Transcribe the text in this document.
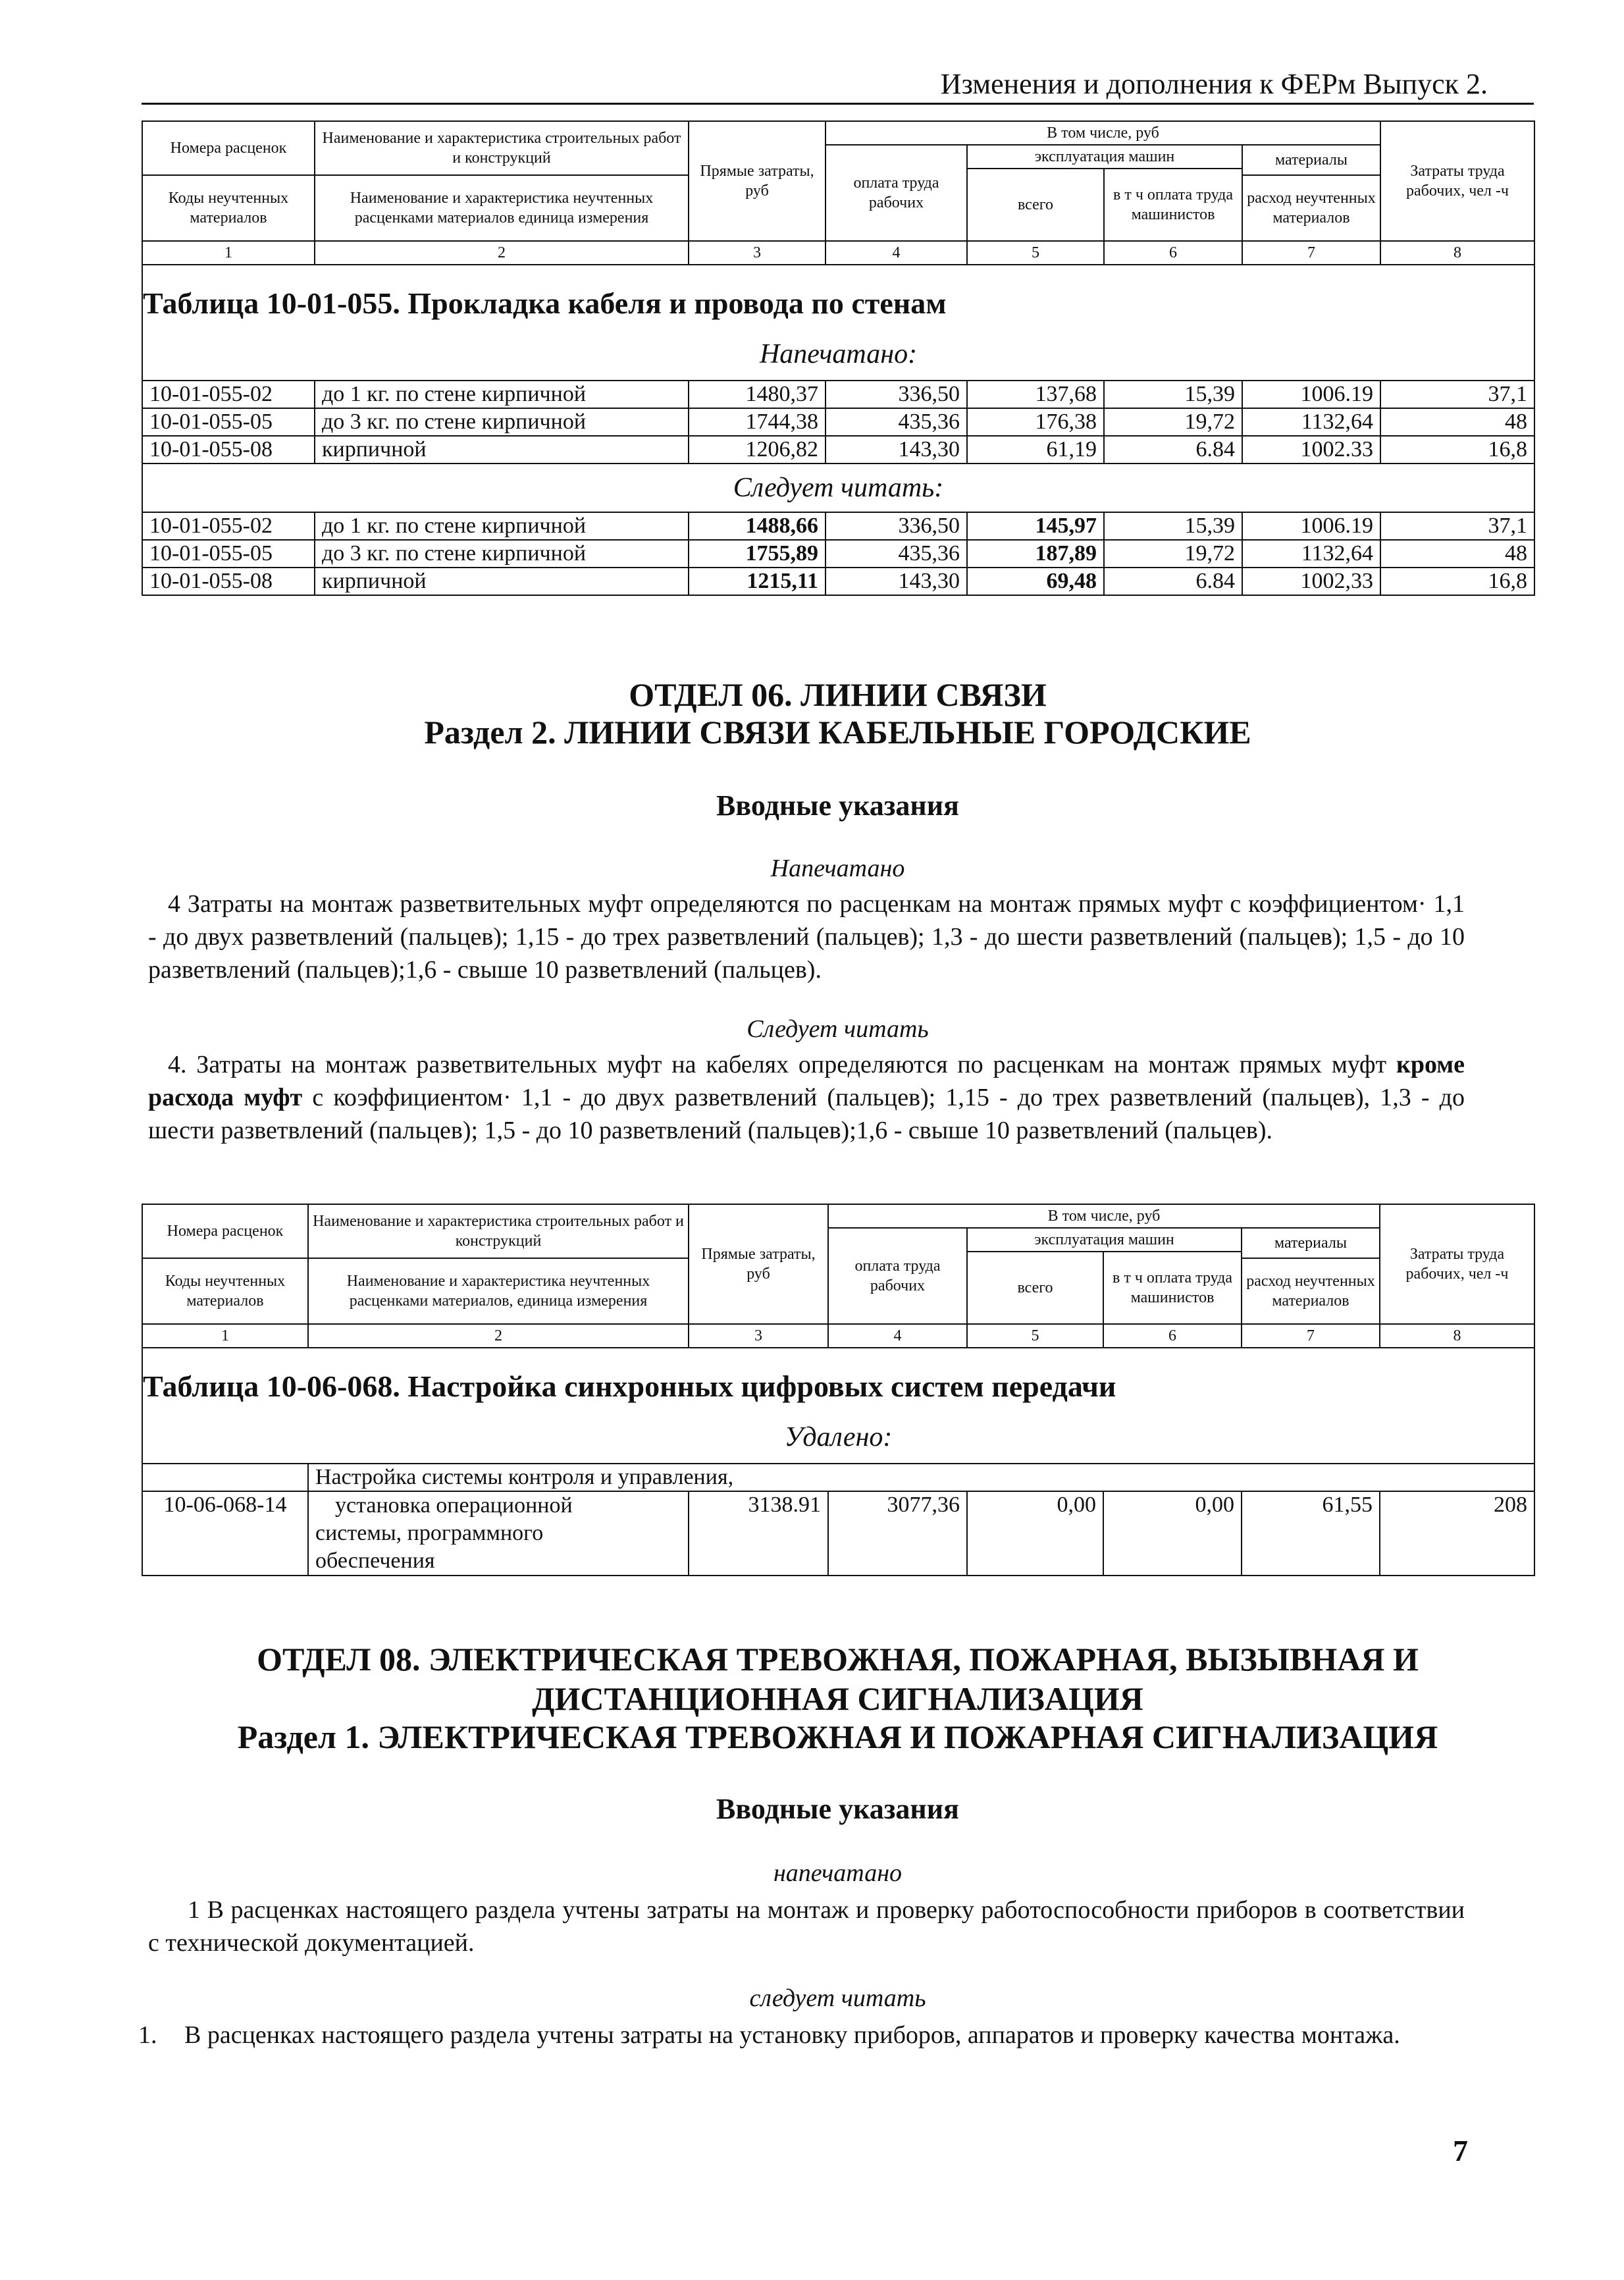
Изменения и дополнения к ФЕРм Выпуск 2.
Номера расценок	Наименование и характеристика строительных работ и конструкций	Прямые затраты, руб	В том числе, руб				Затраты труда рабочих, чел -ч
			оплата труда рабочих	эксплуатация машин		материалы	
				всего	в т ч оплата труда машинистов		
Коды неучтенных материалов	Наименование и характеристика неучтенных расценками материалов единица измерения					расход неучтенных материалов	

1	2	3	4	5	6	7	8
Таблица 10-01-055. Прокладка кабеля и провода по стенам							
Напечатано:							
10-01-055-02	до 1 кг. по стене кирпичной	1480,37	336,50	137,68	15,39	1006.19	37,1
10-01-055-05	до 3 кг. по стене кирпичной	1744,38	435,36	176,38	19,72	1132,64	48
10-01-055-08	кирпичной	1206,82	143,30	61,19	6.84	1002.33	16,8
Следует читать:							
10-01-055-02	до 1 кг. по стене кирпичной	1488,66	336,50	145,97	15,39	1006.19	37,1
10-01-055-05	до 3 кг. по стене кирпичной	1755,89	435,36	187,89	19,72	1132,64	48
10-01-055-08	кирпичной	1215,11	143,30	69,48	6.84	1002,33	16,8
ОТДЕЛ 06. ЛИНИИ СВЯЗИ
Раздел 2. ЛИНИИ СВЯЗИ КАБЕЛЬНЫЕ ГОРОДСКИЕ
Вводные указания
Напечатано
4 Затраты на монтаж разветвительных муфт определяются по расценкам на монтаж прямых муфт с коэффициентом· 1,1 - до двух разветвлений (пальцев); 1,15 - до трех разветвлений (пальцев); 1,3 - до шести разветвлений (пальцев); 1,5 - до 10 разветвлений (пальцев);1,6 - свыше 10 разветвлений (пальцев).
Следует читать
4. Затраты на монтаж разветвительных муфт на кабелях определяются по расценкам на монтаж прямых муфт кроме расхода муфт с коэффициентом· 1,1 - до двух разветвлений (пальцев); 1,15 - до трех разветвлений (пальцев), 1,3 - до шести разветвлений (пальцев); 1,5 - до 10 разветвлений (пальцев);1,6 - свыше 10 разветвлений (пальцев).
Номера расценок	Наименование и характеристика строительных работ и конструкций	Прямые затраты, руб	В том числе, руб				Затраты труда рабочих, чел -ч
			оплата труда рабочих	эксплуатация машин		материалы	
				всего	в т ч оплата труда машинистов		
Коды неучтенных материалов	Наименование и характеристика неучтенных расценками материалов, единица измерения					расход неучтенных материалов	

1	2	3	4	5	6	7	8
Таблица 10-06-068. Настройка синхронных цифровых систем передачи							
Удалено:							
	Настройка системы контроля и управления,						
10-06-068-14	установка операционной
системы, программного
обеспечения	3138.91	3077,36	0,00	0,00	61,55	208
ОТДЕЛ 08. ЭЛЕКТРИЧЕСКАЯ ТРЕВОЖНАЯ, ПОЖАРНАЯ, ВЫЗЫВНАЯ И
ДИСТАНЦИОННАЯ СИГНАЛИЗАЦИЯ
Раздел 1. ЭЛЕКТРИЧЕСКАЯ ТРЕВОЖНАЯ И ПОЖАРНАЯ СИГНАЛИЗАЦИЯ
Вводные указания
напечатано
1 В расценках настоящего раздела учтены затраты на монтаж и проверку работоспособности приборов в соответствии с технической документацией.
следует читать
1. В расценках настоящего раздела учтены затраты на установку приборов, аппаратов и проверку качества монтажа.
7
